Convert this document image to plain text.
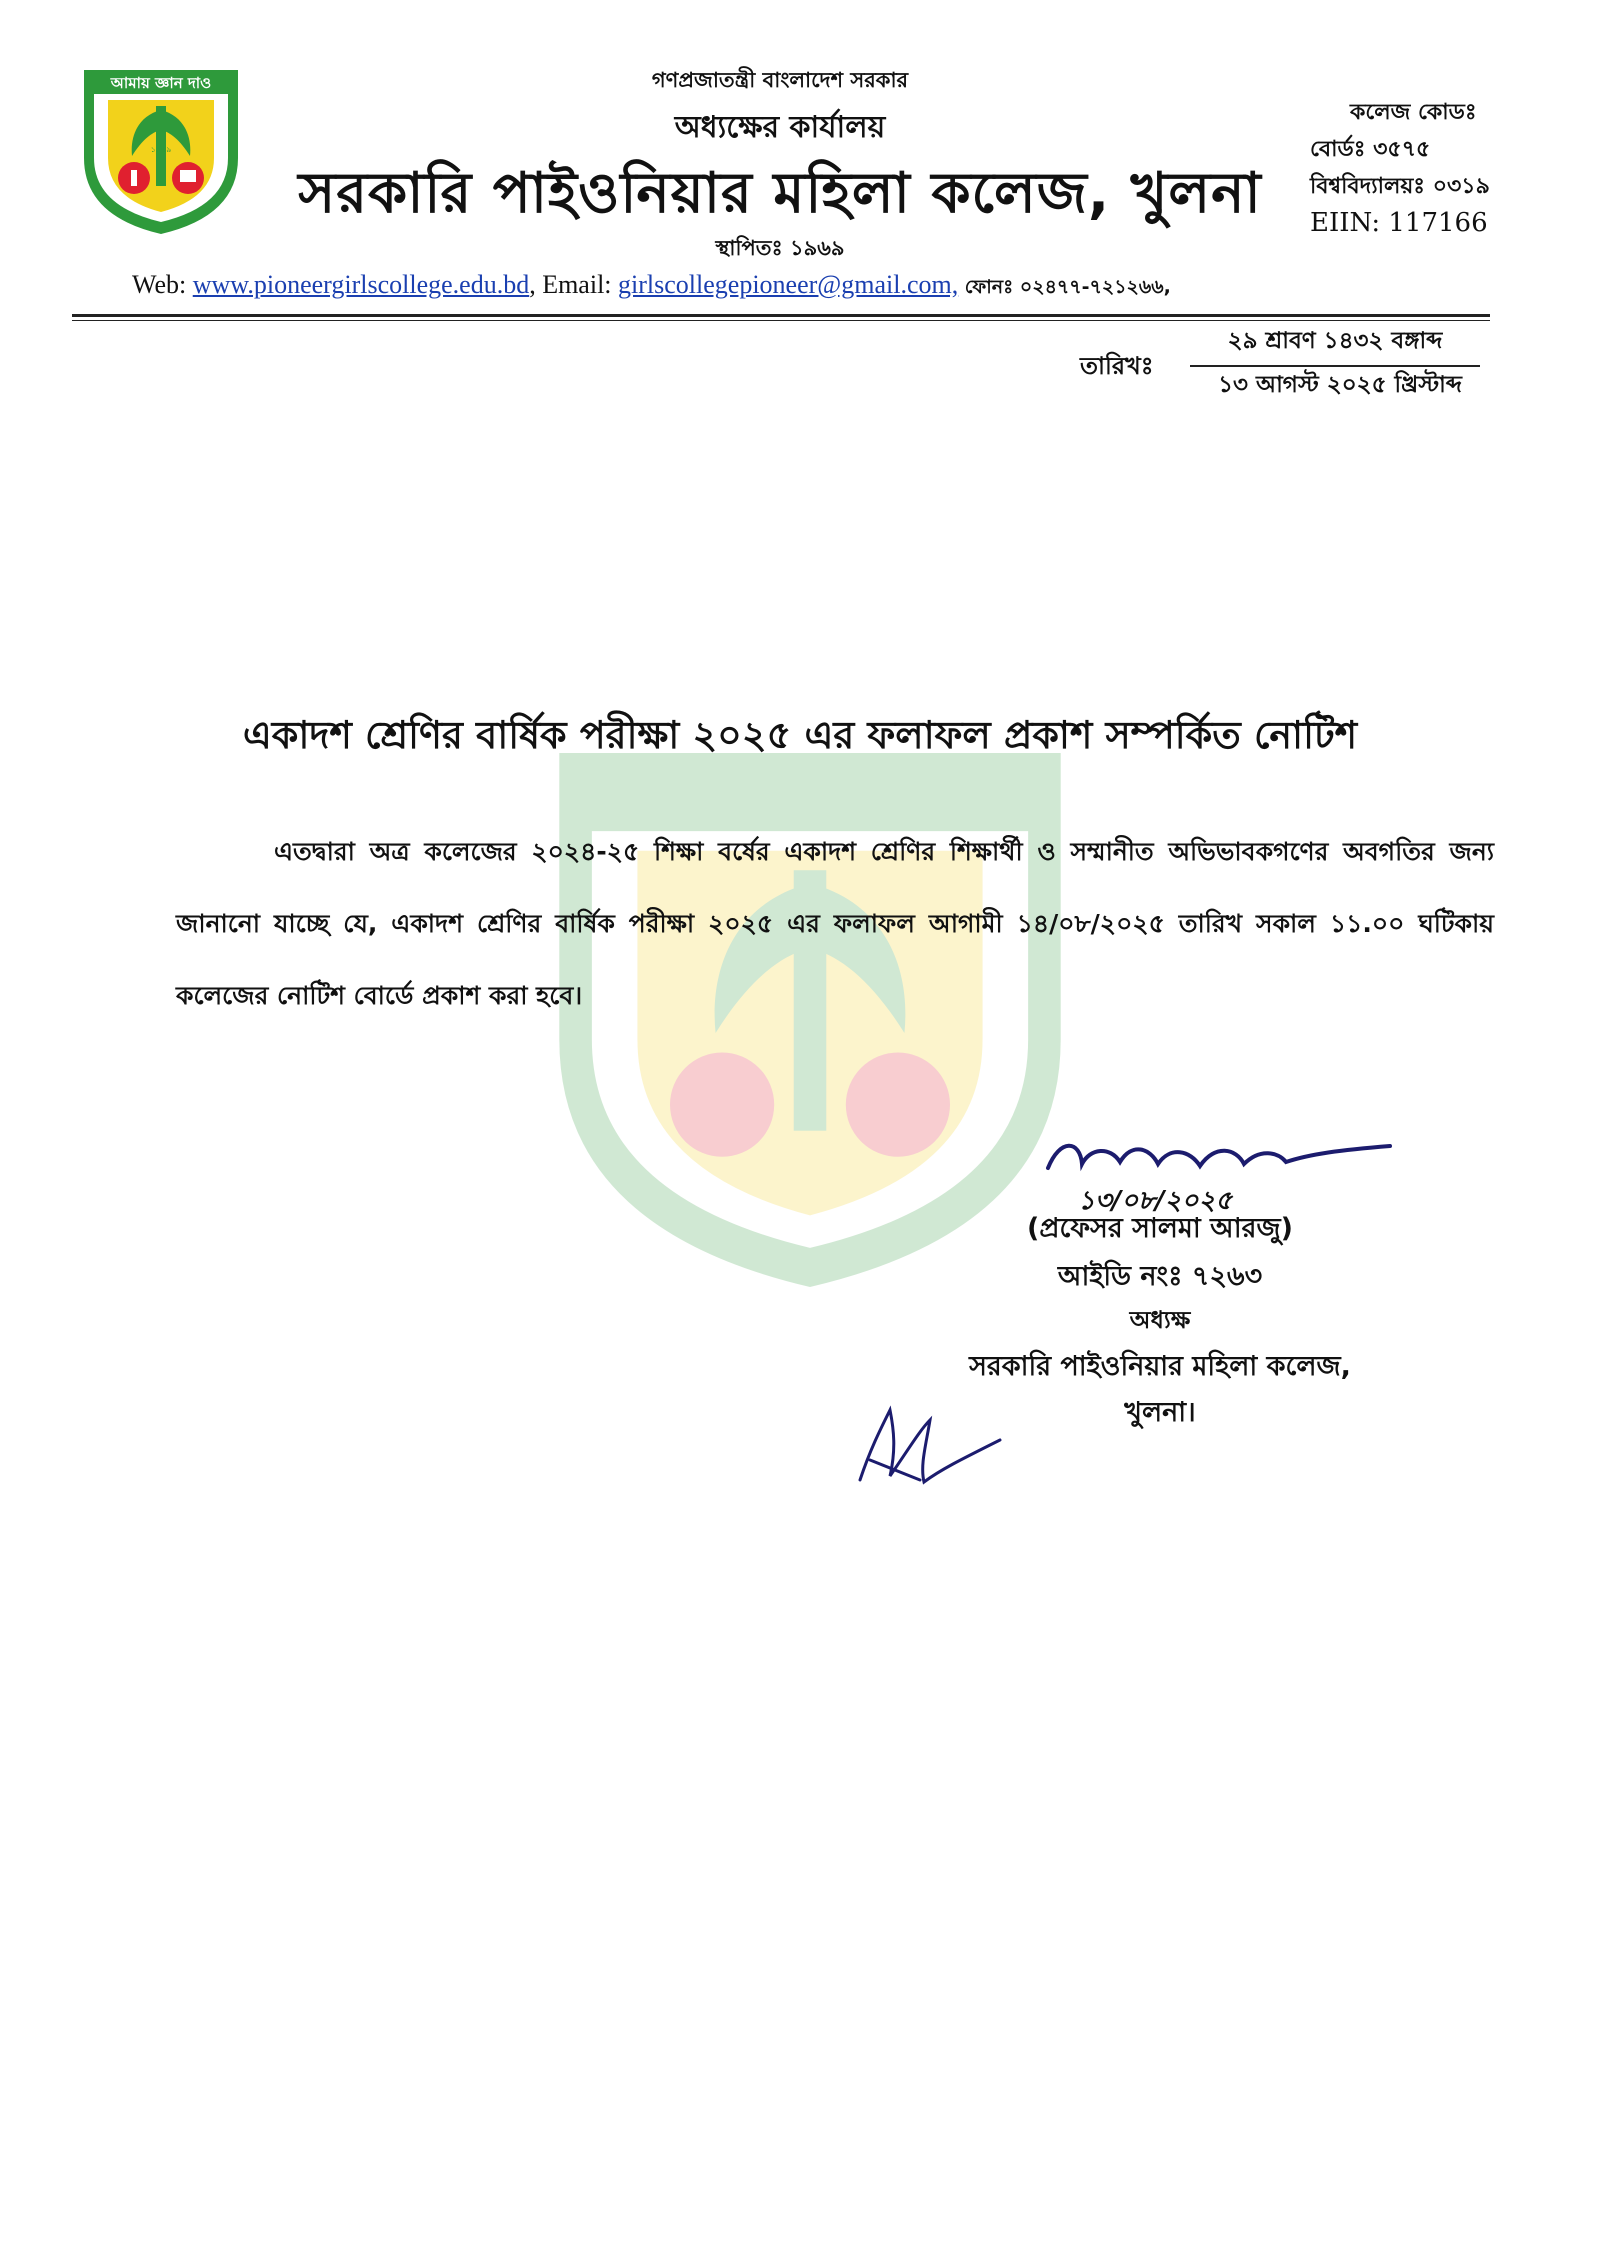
আমায় জ্ঞান দাও
১৯৬৯
গণপ্রজাতন্ত্রী বাংলাদেশ সরকার
অধ্যক্ষের কার্যালয়
সরকারি পাইওনিয়ার মহিলা কলেজ, খুলনা
স্থাপিতঃ ১৯৬৯
কলেজ কোডঃ
বোর্ডঃ ৩৫৭৫
বিশ্ববিদ্যালয়ঃ ০৩১৯
EIIN: 117166
Web: www.pioneergirlscollege.edu.bd, Email: girlscollegepioneer@gmail.com, ফোনঃ ০২৪৭৭-৭২১২৬৬,
তারিখঃ
২৯ শ্রাবণ ১৪৩২ বঙ্গাব্দ
১৩ আগস্ট ২০২৫ খ্রিস্টাব্দ
একাদশ শ্রেণির বার্ষিক পরীক্ষা ২০২৫ এর ফলাফল প্রকাশ সম্পর্কিত নোটিশ

এতদ্বারা অত্র কলেজের ২০২৪-২৫ শিক্ষা বর্ষের একাদশ শ্রেণির শিক্ষার্থী ও সম্মানীত অভিভাবকগণের অবগতির জন্য জানানো যাচ্ছে যে, একাদশ শ্রেণির বার্ষিক পরীক্ষা ২০২৫ এর ফলাফল আগামী ১৪/০৮/২০২৫ তারিখ সকাল ১১.০০ ঘটিকায় কলেজের নোটিশ বোর্ডে প্রকাশ করা হবে।

১৩/০৮/২০২৫
(প্রফেসর সালমা আরজু)
আইডি নংঃ ৭২৬৩
অধ্যক্ষ
সরকারি পাইওনিয়ার মহিলা কলেজ,
খুলনা।
